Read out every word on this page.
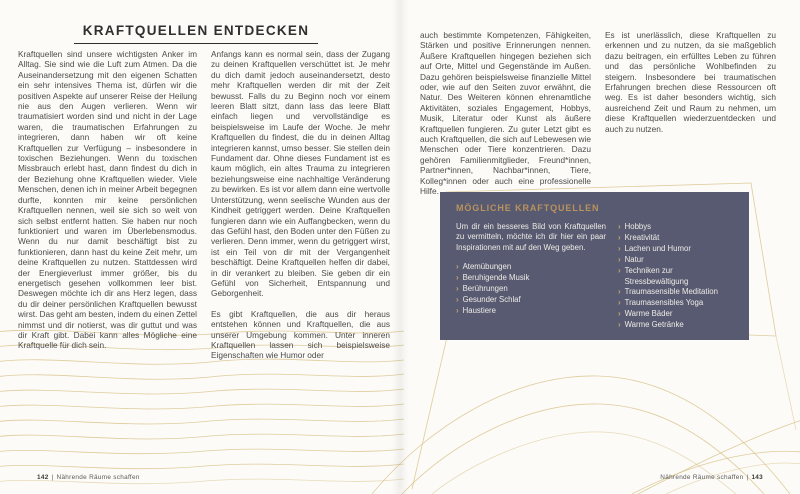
KRAFTQUELLEN ENTDECKEN

Kraftquellen sind unsere wichtigsten Anker im Alltag. Sie sind wie die Luft zum Atmen. Da die Auseinandersetzung mit den eigenen Schatten ein sehr intensives Thema ist, dürfen wir die positiven Aspekte auf unserer Reise der Heilung nie aus den Augen verlieren. Wenn wir traumatisiert worden sind und nicht in der Lage waren, die traumatischen Erfahrungen zu integrieren, dann haben wir oft keine Kraftquellen zur Verfügung – insbesondere in toxischen Beziehungen. Wenn du toxischen Missbrauch erlebt hast, dann findest du dich in der Beziehung ohne Kraftquellen wieder. Viele Menschen, denen ich in meiner Arbeit begegnen durfte, konnten mir keine persönlichen Kraftquellen nennen, weil sie sich so weit von sich selbst entfernt hatten. Sie haben nur noch funktioniert und waren im Überlebensmodus. Wenn du nur damit beschäftigt bist zu funktionieren, dann hast du keine Zeit mehr, um deine Kraftquellen zu nutzen. Stattdessen wird der Energieverlust immer größer, bis du energetisch gesehen vollkommen leer bist. Deswegen möchte ich dir ans Herz legen, dass du dir deiner persönlichen Kraftquellen bewusst wirst. Das geht am besten, indem du einen Zettel nimmst und dir notierst, was dir guttut und was dir Kraft gibt. Dabei kann alles Mögliche eine Kraftquelle für dich sein.

Anfangs kann es normal sein, dass der Zugang zu deinen Kraftquellen verschüttet ist. Je mehr du dich damit jedoch auseinandersetzt, desto mehr Kraftquellen werden dir mit der Zeit bewusst. Falls du zu Beginn noch vor einem leeren Blatt sitzt, dann lass das leere Blatt einfach liegen und vervollständige es beispielsweise im Laufe der Woche. Je mehr Kraftquellen du findest, die du in deinen Alltag integrieren kannst, umso besser. Sie stellen dein Fundament dar. Ohne dieses Fundament ist es kaum möglich, ein altes Trauma zu integrieren beziehungsweise eine nachhaltige Veränderung zu bewirken. Es ist vor allem dann eine wertvolle Unterstützung, wenn seelische Wunden aus der Kindheit getriggert werden. Deine Kraftquellen fungieren dann wie ein Auffangbecken, wenn du das Gefühl hast, den Boden unter den Füßen zu verlieren. Denn immer, wenn du getriggert wirst, ist ein Teil von dir mit der Vergangenheit beschäftigt. Deine Kraftquellen helfen dir dabei, in dir verankert zu bleiben. Sie geben dir ein Gefühl von Sicherheit, Entspannung und Geborgenheit.

Es gibt Kraftquellen, die aus dir heraus entstehen können und Kraftquellen, die aus unserer Umgebung kommen. Unter inneren Kraftquellen lassen sich beispielsweise Eigenschaften wie Humor oder

142 | Nährende Räume schaffen

auch bestimmte Kompetenzen, Fähigkeiten, Stärken und positive Erinnerungen nennen. Äußere Kraftquellen hingegen beziehen sich auf Orte, Mittel und Gegenstände im Außen. Dazu gehören beispielsweise finanzielle Mittel oder, wie auf den Seiten zuvor erwähnt, die Natur. Des Weiteren können ehrenamtliche Aktivitäten, soziales Engagement, Hobbys, Musik, Literatur oder Kunst als äußere Kraftquellen fungieren. Zu guter Letzt gibt es auch Kraftquellen, die sich auf Lebewesen wie Menschen oder Tiere konzentrieren. Dazu gehören Familienmitglieder, Freund*innen, Partner*innen, Nachbar*innen, Tiere, Kolleg*innen oder auch eine professionelle Hilfe.

Es ist unerlässlich, diese Kraftquellen zu erkennen und zu nutzen, da sie maßgeblich dazu beitragen, ein erfülltes Leben zu führen und das persönliche Wohlbefinden zu steigern. Insbesondere bei traumatischen Erfahrungen brechen diese Ressourcen oft weg. Es ist daher besonders wichtig, sich ausreichend Zeit und Raum zu nehmen, um diese Kraftquellen wiederzuentdecken und auch zu nutzen.

MÖGLICHE KRAFTQUELLEN

Um dir ein besseres Bild von Kraftquellen zu vermitteln, möchte ich dir hier ein paar Inspirationen mit auf den Weg geben.

› Atemübungen
› Beruhigende Musik
› Berührungen
› Gesunder Schlaf
› Haustiere
› Hobbys
› Kreativität
› Lachen und Humor
› Natur
› Techniken zur Stressbewältigung
› Traumasensible Meditation
› Traumasensibles Yoga
› Warme Bäder
› Warme Getränke
Nährende Räume schaffen | 143
